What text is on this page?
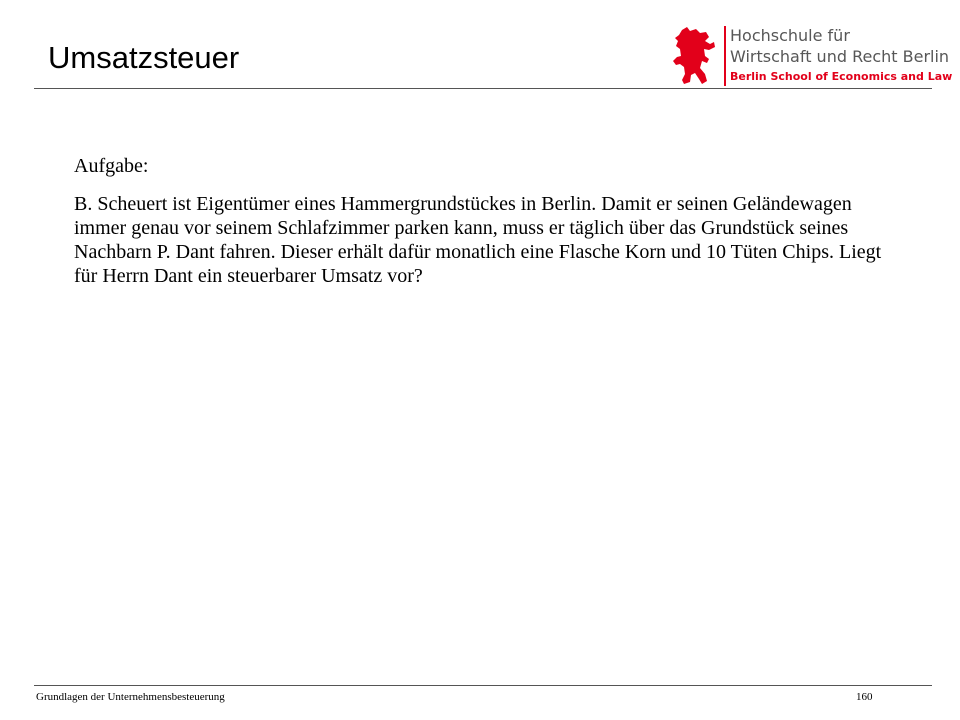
Umsatzsteuer
Hochschule für
Wirtschaft und Recht Berlin
Berlin School of Economics and Law

Aufgabe:

B. Scheuert ist Eigentümer eines Hammergrundstückes in Berlin. Damit er seinen Geländewagen immer genau vor seinem Schlafzimmer parken kann, muss er täglich über das Grundstück seines Nachbarn P. Dant fahren. Dieser erhält dafür monatlich eine Flasche Korn und 10 Tüten Chips. Liegt für Herrn Dant ein steuerbarer Umsatz vor?

Grundlagen der Unternehmensbesteuerung	160
